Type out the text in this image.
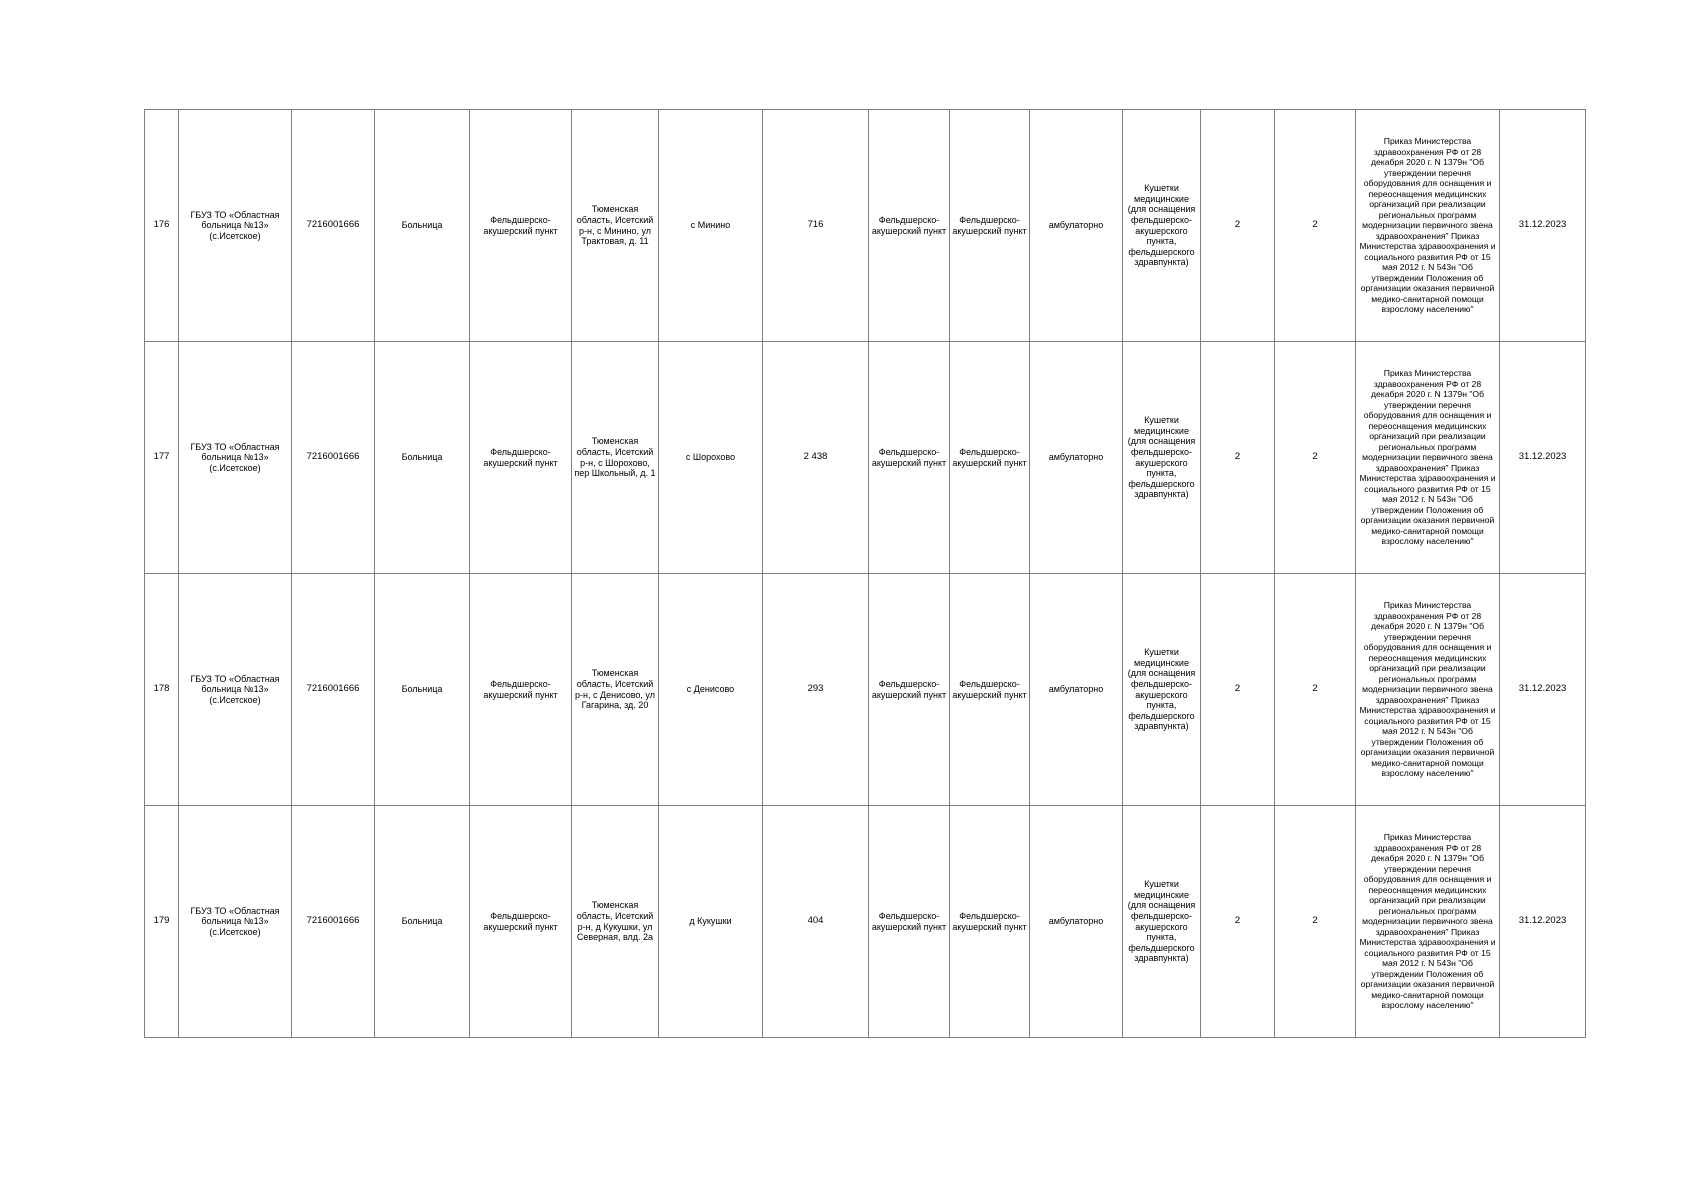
176	ГБУЗ ТО «Областная больница №13» (с.Исетское)	7216001666	Больница	Фельдшерско-акушерский пункт	Тюменская область, Исетский р-н, с Минино, ул Трактовая, д. 11	с Минино	716	Фельдшерско-акушерский пункт	Фельдшерско-акушерский пункт	амбулаторно	Кушетки медицинские (для оснащения фельдшерско-акушерского пункта, фельдшерского здравпункта)	2	2	Приказ Министерства здравоохранения РФ от 28 декабря 2020 г. N 1379н "Об утверждении перечня оборудования для оснащения и переоснащения медицинских организаций при реализации региональных программ модернизации первичного звена здравоохранения" Приказ Министерства здравоохранения и социального развития РФ от 15 мая 2012 г. N 543н "Об утверждении Положения об организации оказания первичной медико-санитарной помощи взрослому населению"	31.12.2023
177	ГБУЗ ТО «Областная больница №13» (с.Исетское)	7216001666	Больница	Фельдшерско-акушерский пункт	Тюменская область, Исетский р-н, с Шорохово, пер Школьный, д. 1	с Шорохово	2 438	Фельдшерско-акушерский пункт	Фельдшерско-акушерский пункт	амбулаторно	Кушетки медицинские (для оснащения фельдшерско-акушерского пункта, фельдшерского здравпункта)	2	2	Приказ Министерства здравоохранения РФ от 28 декабря 2020 г. N 1379н "Об утверждении перечня оборудования для оснащения и переоснащения медицинских организаций при реализации региональных программ модернизации первичного звена здравоохранения" Приказ Министерства здравоохранения и социального развития РФ от 15 мая 2012 г. N 543н "Об утверждении Положения об организации оказания первичной медико-санитарной помощи взрослому населению"	31.12.2023
178	ГБУЗ ТО «Областная больница №13» (с.Исетское)	7216001666	Больница	Фельдшерско-акушерский пункт	Тюменская область, Исетский р-н, с Денисово, ул Гагарина, зд. 20	с Денисово	293	Фельдшерско-акушерский пункт	Фельдшерско-акушерский пункт	амбулаторно	Кушетки медицинские (для оснащения фельдшерско-акушерского пункта, фельдшерского здравпункта)	2	2	Приказ Министерства здравоохранения РФ от 28 декабря 2020 г. N 1379н "Об утверждении перечня оборудования для оснащения и переоснащения медицинских организаций при реализации региональных программ модернизации первичного звена здравоохранения" Приказ Министерства здравоохранения и социального развития РФ от 15 мая 2012 г. N 543н "Об утверждении Положения об организации оказания первичной медико-санитарной помощи взрослому населению"	31.12.2023
179	ГБУЗ ТО «Областная больница №13» (с.Исетское)	7216001666	Больница	Фельдшерско-акушерский пункт	Тюменская область, Исетский р-н, д Кукушки, ул Северная, влд. 2а	д Кукушки	404	Фельдшерско-акушерский пункт	Фельдшерско-акушерский пункт	амбулаторно	Кушетки медицинские (для оснащения фельдшерско-акушерского пункта, фельдшерского здравпункта)	2	2	Приказ Министерства здравоохранения РФ от 28 декабря 2020 г. N 1379н "Об утверждении перечня оборудования для оснащения и переоснащения медицинских организаций при реализации региональных программ модернизации первичного звена здравоохранения" Приказ Министерства здравоохранения и социального развития РФ от 15 мая 2012 г. N 543н "Об утверждении Положения об организации оказания первичной медико-санитарной помощи взрослому населению"	31.12.2023
